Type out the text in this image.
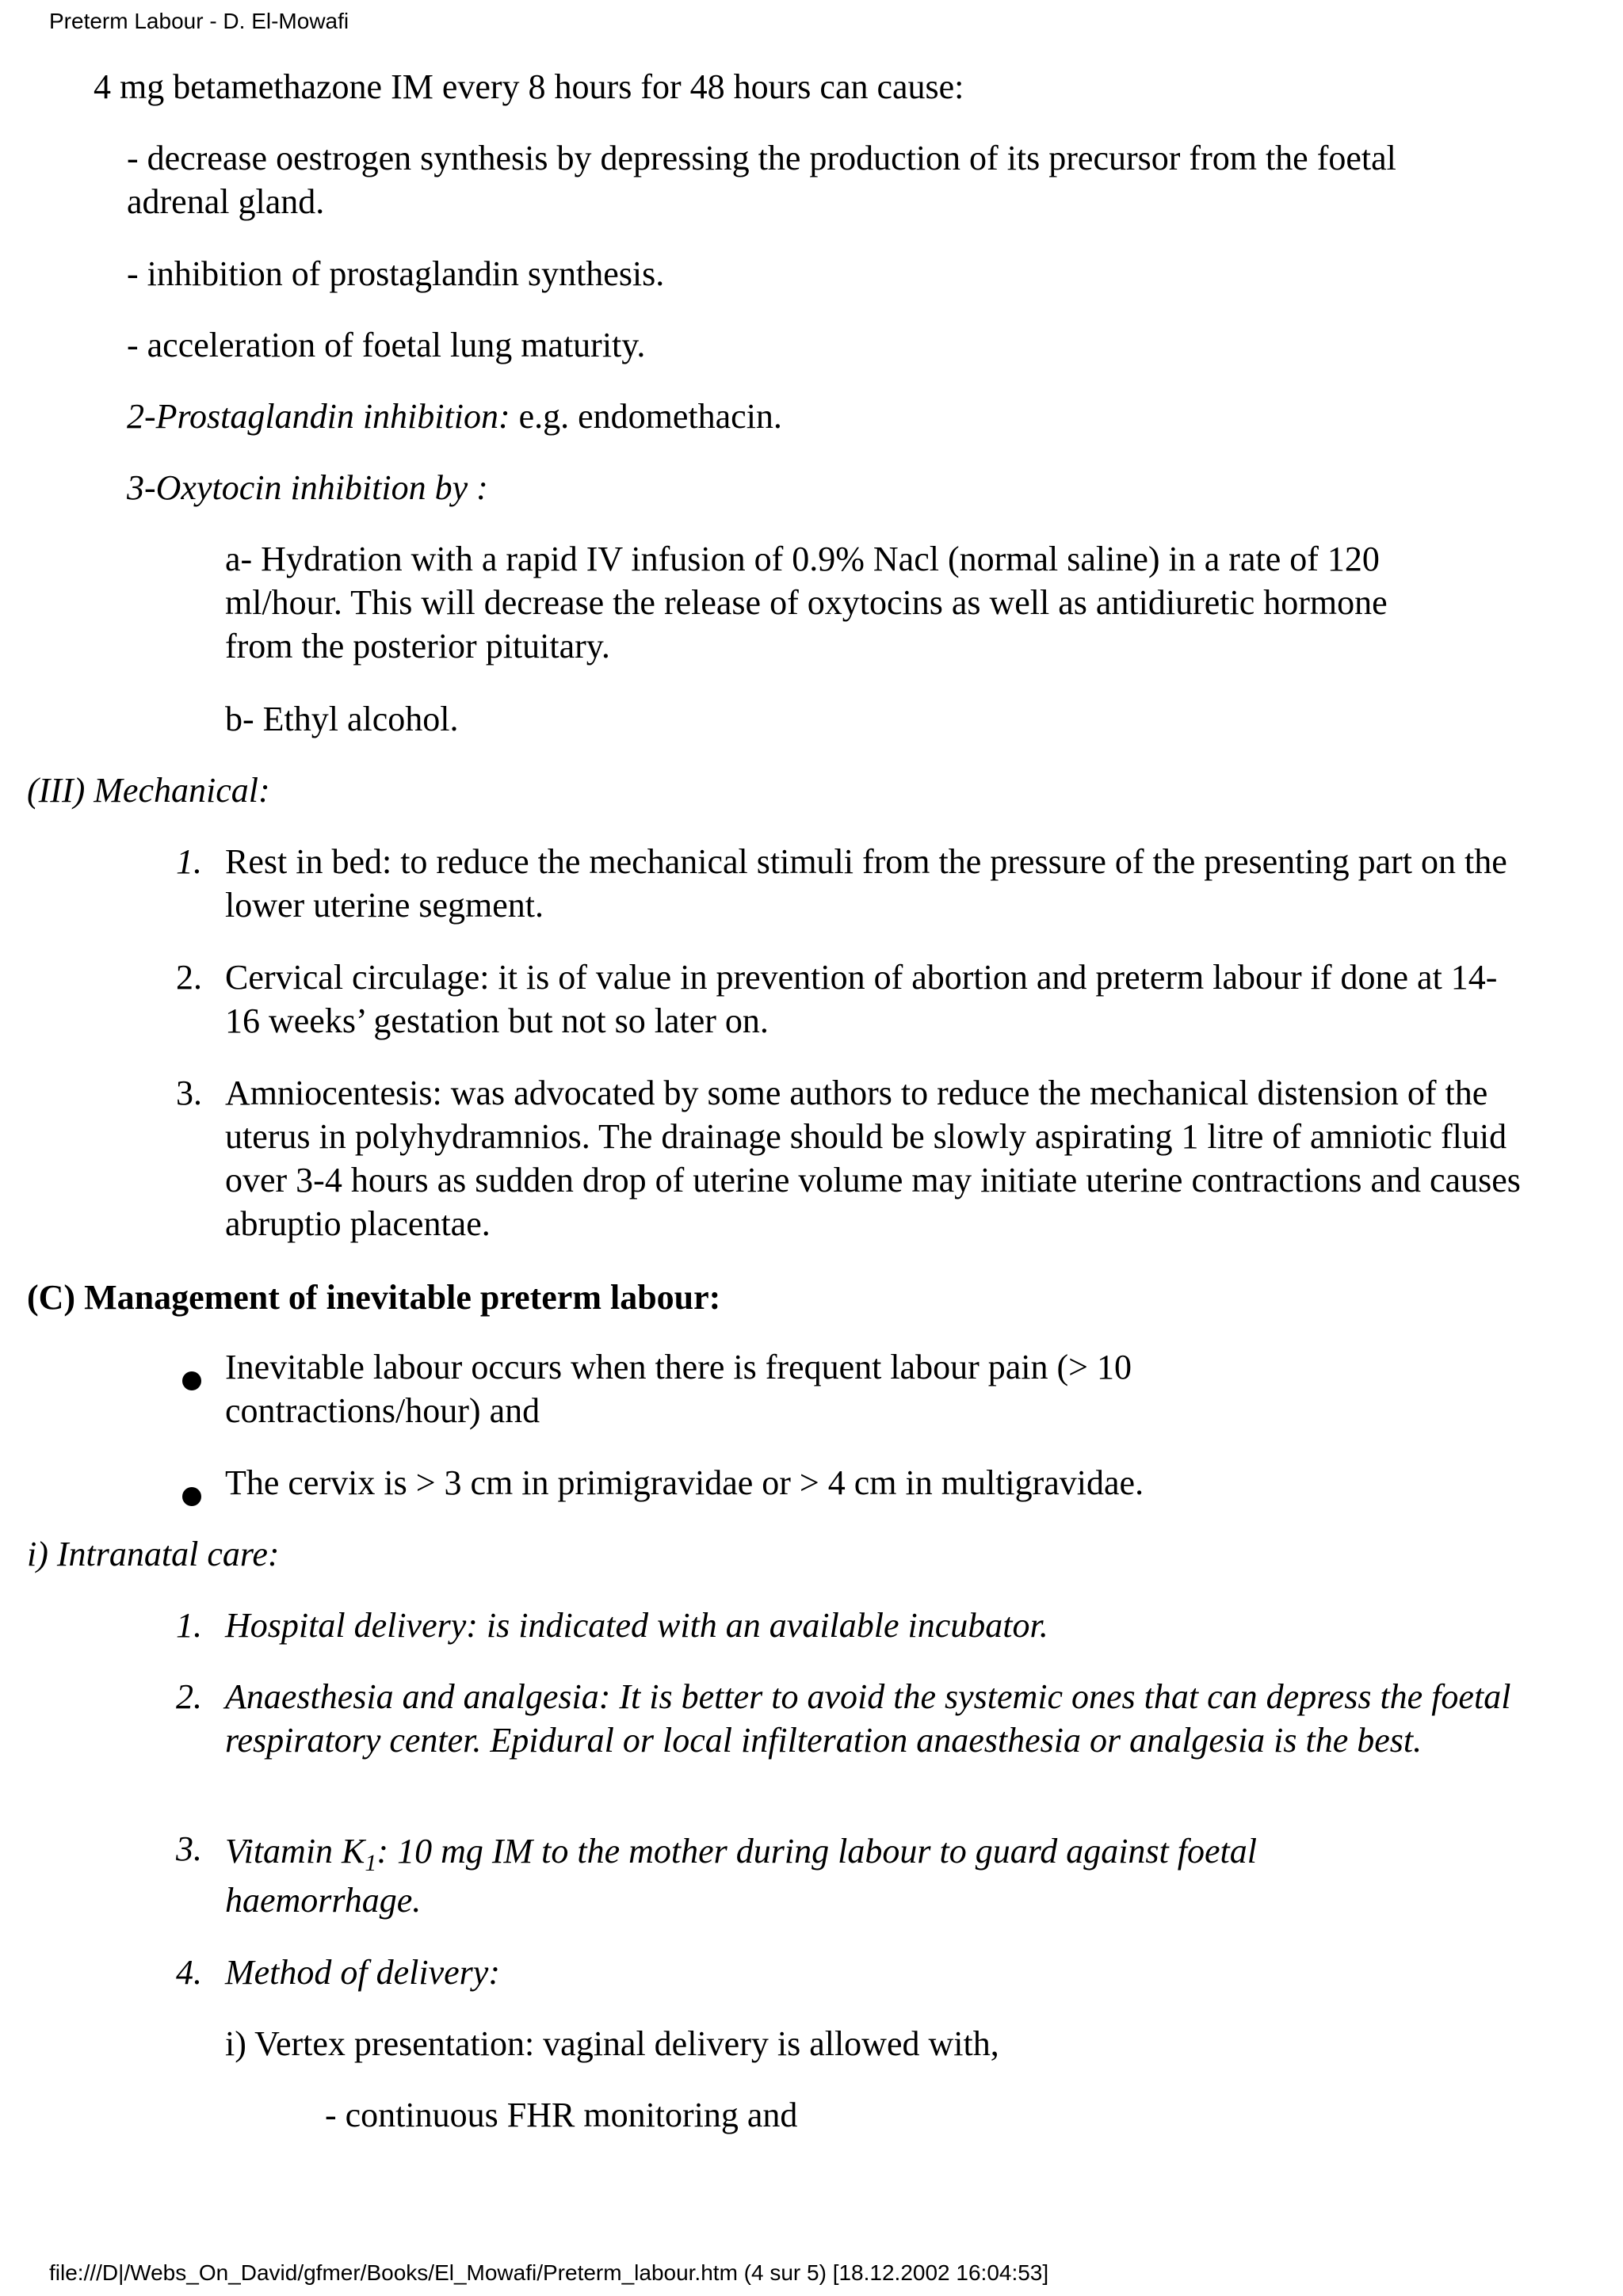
Preterm Labour - D. El-Mowafi

4 mg betamethazone IM every 8 hours for 48 hours can cause:

- decrease oestrogen synthesis by depressing the production of its precursor from the foetal adrenal gland.

- inhibition of prostaglandin synthesis.

- acceleration of foetal lung maturity.

2-Prostaglandin inhibition: e.g. endomethacin.

3-Oxytocin inhibition by :

a- Hydration with a rapid IV infusion of 0.9% Nacl (normal saline) in a rate of 120 ml/hour. This will decrease the release of oxytocins as well as antidiuretic hormone from the posterior pituitary.

b- Ethyl alcohol.

(III) Mechanical:

1. Rest in bed: to reduce the mechanical stimuli from the pressure of the presenting part on the lower uterine segment.

2. Cervical circulage: it is of value in prevention of abortion and preterm labour if done at 14-16 weeks’ gestation but not so later on.

3. Amniocentesis: was advocated by some authors to reduce the mechanical distension of the uterus in polyhydramnios. The drainage should be slowly aspirating 1 litre of amniotic fluid over 3-4 hours as sudden drop of uterine volume may initiate uterine contractions and causes abruptio placentae.

(C) Management of inevitable preterm labour:

Inevitable labour occurs when there is frequent labour pain (> 10 contractions/hour) and

The cervix is > 3 cm in primigravidae or > 4 cm in multigravidae.

i) Intranatal care:

1. Hospital delivery: is indicated with an available incubator.

2. Anaesthesia and analgesia: It is better to avoid the systemic ones that can depress the foetal respiratory center. Epidural or local infilteration anaesthesia or analgesia is the best.

3. Vitamin $K_1$: 10 mg IM to the mother during labour to guard against foetal haemorrhage.

4. Method of delivery:

i) Vertex presentation: vaginal delivery is allowed with,

- continuous FHR monitoring and

file:///D|/Webs_On_David/gfmer/Books/El_Mowafi/Preterm_labour.htm (4 sur 5) [18.12.2002 16:04:53]
